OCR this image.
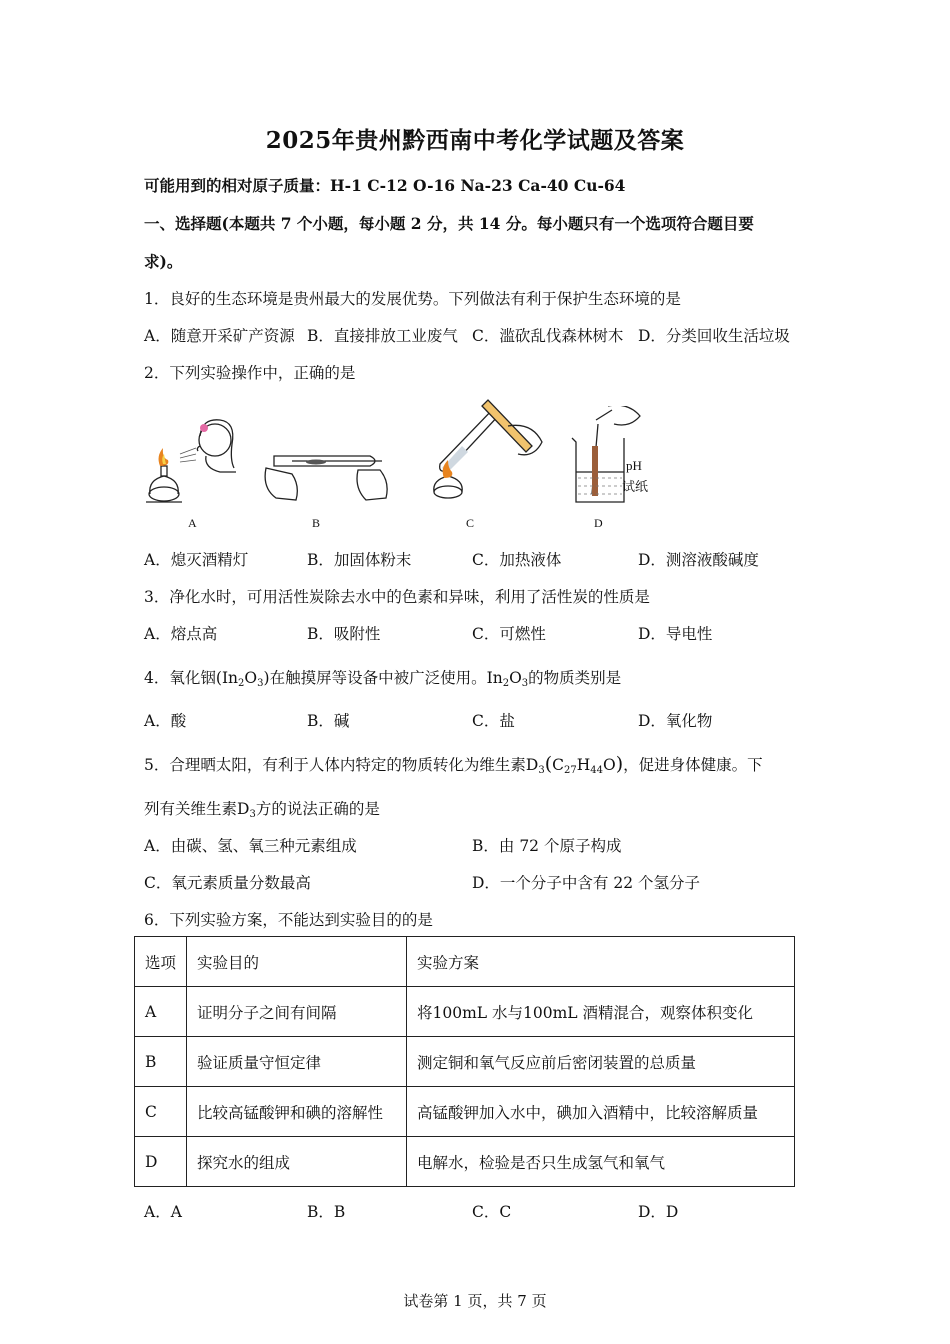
2025年贵州黔西南中考化学试题及答案
可能用到的相对原子质量：H-1 C-12 O-16 Na-23 Ca-40 Cu-64
一、选择题(本题共 7 个小题，每小题 2 分，共 14 分。每小题只有一个选项符合题目要
求)。
1．良好的生态环境是贵州最大的发展优势。下列做法有利于保护生态环境的是
A．随意开采矿产资源 B．直接排放工业废气 C．滥砍乱伐森林树木 D．分类回收生活垃圾
2．下列实验操作中，正确的是
A	B	C
pH
试纸
D
A．熄灭酒精灯	B．加固体粉末	C．加热液体	D．测溶液酸碱度
3．净化水时，可用活性炭除去水中的色素和异味，利用了活性炭的性质是
A．熔点高	B．吸附性	C．可燃性	D．导电性
4．氧化铟$(In_2O_3)$在触摸屏等设备中被广泛使用。$In_2O_3$的物质类别是
A．酸	B．碱	C．盐	D．氧化物
5．合理晒太阳，有利于人体内特定的物质转化为维生素$D_3(C_{27}H_{44}O)$，促进身体健康。下
列有关维生素$D_3$方的说法正确的是
A．由碳、氢、氧三种元素组成	B．由 72 个原子构成
C．氧元素质量分数最高	D．一个分子中含有 22 个氢分子
6．下列实验方案，不能达到实验目的的是
选项	实验目的	实验方案
A	证明分子之间有间隔	将100mL 水与100mL 酒精混合，观察体积变化
B	验证质量守恒定律	测定铜和氧气反应前后密闭装置的总质量
C	比较高锰酸钾和碘的溶解性	高锰酸钾加入水中，碘加入酒精中，比较溶解质量
D	探究水的组成	电解水，检验是否只生成氢气和氧气
A．A	B．B	C．C	D．D
试卷第 1 页，共 7 页
